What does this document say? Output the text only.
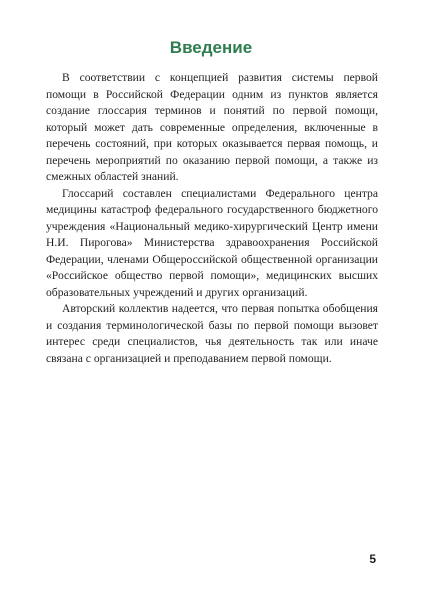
Введение

В соответствии с концепцией развития системы первой помощи в Российской Федерации одним из пунктов является создание глоссария терминов и понятий по первой помощи, который может дать современные определения, включенные в перечень состояний, при которых оказывается первая помощь, и перечень мероприятий по оказанию первой помощи, а также из смежных областей знаний.

Глоссарий составлен специалистами Федерального центра медицины катастроф федерального государственного бюджетного учреждения «Национальный медико-хирургический Центр имени Н.И. Пирогова» Министерства здравоохранения Российской Федерации, членами Общероссийской общественной организации «Российское общество первой помощи», медицинских высших образовательных учреждений и других организаций.

Авторский коллектив надеется, что первая попытка обобщения и создания терминологической базы по первой помощи вызовет интерес среди специалистов, чья деятельность так или иначе связана с организацией и преподаванием первой помощи.

5
